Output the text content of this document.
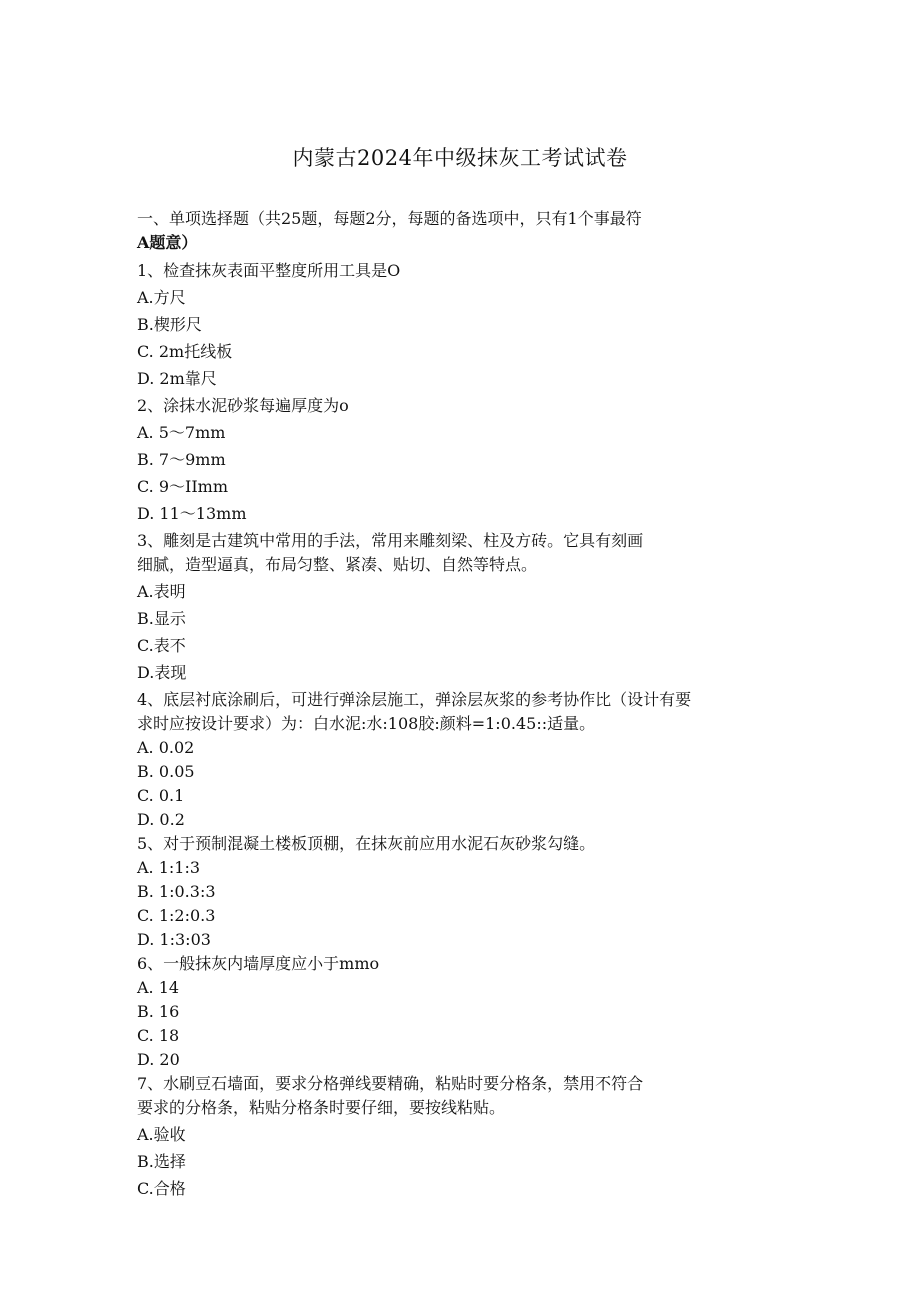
内蒙古2024年中级抹灰工考试试卷
一、单项选择题（共25题，每题2分，每题的备选项中，只有1个事最符
A题意）
1、检查抹灰表面平整度所用工具是O
A.方尺
B.楔形尺
C. 2m托线板
D. 2m靠尺
2、涂抹水泥砂浆每遍厚度为o
A. 5～7mm
B. 7～9mm
C. 9～IImm
D. 11～13mm
3、雕刻是古建筑中常用的手法，常用来雕刻梁、柱及方砖。它具有刻画
细腻，造型逼真，布局匀整、紧凑、贴切、自然等特点。
A.表明
B.显示
C.表不
D.表现
4、底层衬底涂刷后，可进行弹涂层施工，弹涂层灰浆的参考协作比（设计有要
求时应按设计要求）为：白水泥:水:108胶:颜料=1:0.45::适量。
A. 0.02
B. 0.05
C. 0.1
D. 0.2
5、对于预制混凝土楼板顶棚，在抹灰前应用水泥石灰砂浆勾缝。
A. 1:1:3
B. 1:0.3:3
C. 1:2:0.3
D. 1:3:03
6、一般抹灰内墙厚度应小于mmo
A. 14
B. 16
C. 18
D. 20
7、水刷豆石墙面，要求分格弹线要精确，粘贴时要分格条，禁用不符合
要求的分格条，粘贴分格条时要仔细，要按线粘贴。
A.验收
B.选择
C.合格
